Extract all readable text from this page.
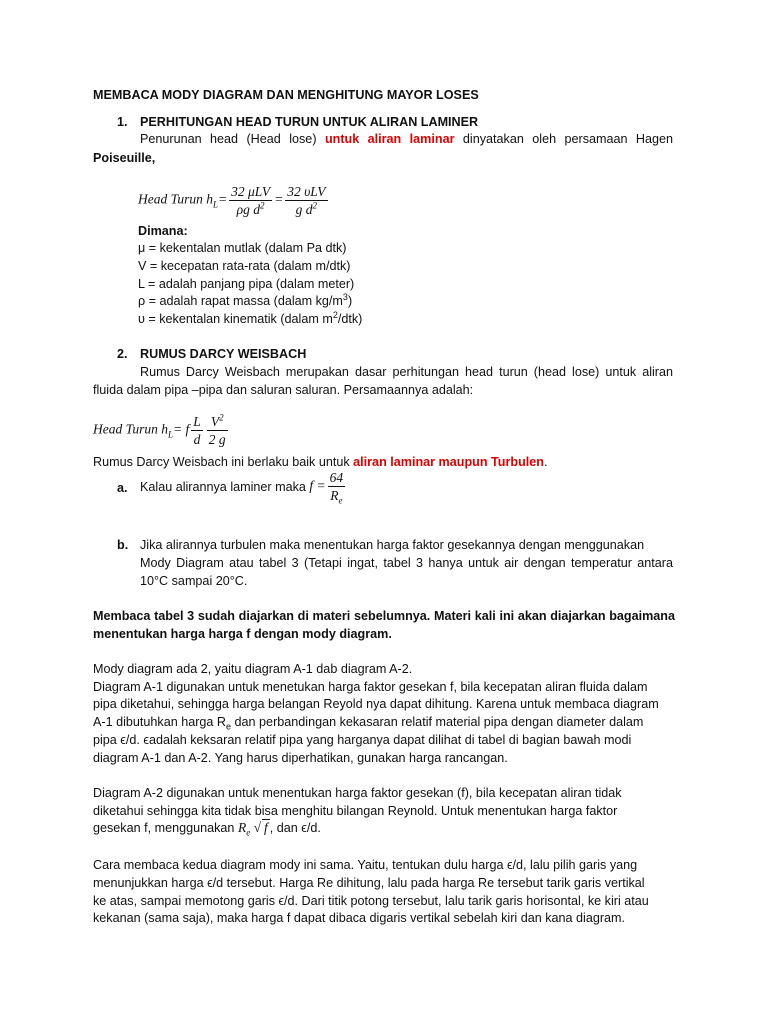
MEMBACA MODY DIAGRAM DAN MENGHITUNG MAYOR LOSES
1. PERHITUNGAN HEAD TURUN UNTUK ALIRAN LAMINER
Penurunan head (Head lose) untuk aliran laminar dinyatakan oleh persamaan Hagen
Poiseuille,
Head Turun $h_L= \frac{\text{32 μLV}}{\rho g d^2} = \frac{\text{32 υLV}}{g d^2}$
Dimana:
μ = kekentalan mutlak (dalam Pa dtk)
V = kecepatan rata-rata (dalam m/dtk)
L = adalah panjang pipa (dalam meter)
ρ = adalah rapat massa (dalam $kg/m^3$)
υ = kekentalan kinematik (dalam $m^2/dtk$)
2. RUMUS DARCY WEISBACH
Rumus Darcy Weisbach merupakan dasar perhitungan head turun (head lose) untuk aliran
fluida dalam pipa –pipa dan saluran saluran. Persamaannya adalah:
Head Turun $h_L= f \frac{L}{d} \frac{V^2}{2 g}$
Rumus Darcy Weisbach ini berlaku baik untuk aliran laminar maupun Turbulen.
a. Kalau alirannya laminer maka $f = \frac{64}{R_e}$
b. Jika alirannya turbulen maka menentukan harga faktor gesekannya dengan menggunakan
Mody Diagram atau tabel 3 (Tetapi ingat, tabel 3 hanya untuk air dengan temperatur antara
10°C sampai 20°C.
Membaca tabel 3 sudah diajarkan di materi sebelumnya. Materi kali ini akan diajarkan bagaimana
menentukan harga harga f dengan mody diagram.
Mody diagram ada 2, yaitu diagram A-1 dab diagram A-2.
Diagram A-1 digunakan untuk menetukan harga faktor gesekan f, bila kecepatan aliran fluida dalam
pipa diketahui, sehingga harga belangan Reyold nya dapat dihitung. Karena untuk membaca diagram
A-1 dibutuhkan harga $R_e$ dan perbandingan kekasaran relatif material pipa dengan diameter dalam
pipa ϵ/d. ϵadalah keksaran relatif pipa yang harganya dapat dilihat di tabel di bagian bawah modi
diagram A-1 dan A-2. Yang harus diperhatikan, gunakan harga rancangan.
Diagram A-2 digunakan untuk menentukan harga faktor gesekan (f), bila kecepatan aliran tidak
diketahui sehingga kita tidak bisa menghitu bilangan Reynold. Untuk menentukan harga faktor
gesekan f, menggunakan $R_e$ √ f , dan ϵ/d.
Cara membaca kedua diagram mody ini sama. Yaitu, tentukan dulu harga ϵ/d, lalu pilih garis yang
menunjukkan harga ϵ/d tersebut. Harga Re dihitung, lalu pada harga Re tersebut tarik garis vertikal
ke atas, sampai memotong garis ϵ/d. Dari titik potong tersebut, lalu tarik garis horisontal, ke kiri atau
kekanan (sama saja), maka harga f dapat dibaca digaris vertikal sebelah kiri dan kana diagram.
